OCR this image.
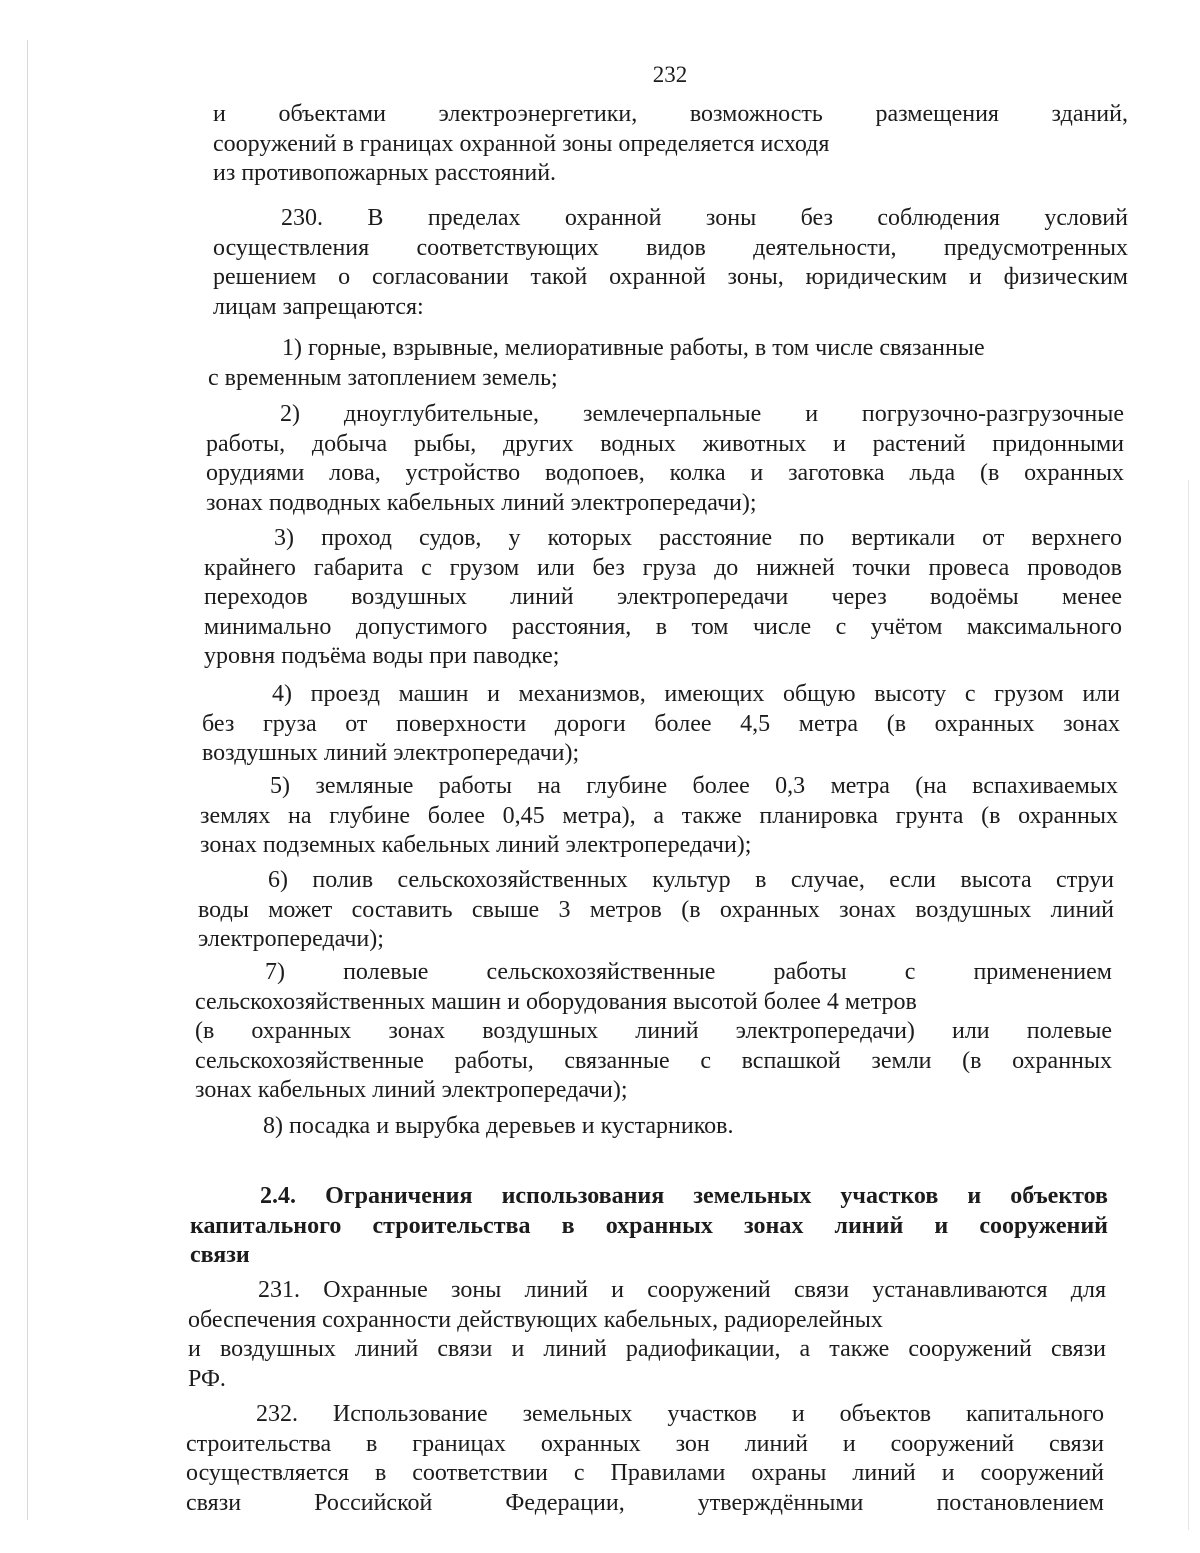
232
и объектами электроэнергетики, возможность размещения зданий,
сооружений в границах охранной зоны определяется исходя
из противопожарных расстояний.
230. В пределах охранной зоны без соблюдения условий
осуществления соответствующих видов деятельности, предусмотренных
решением о согласовании такой охранной зоны, юридическим и физическим
лицам запрещаются:
1) горные, взрывные, мелиоративные работы, в том числе связанные
с временным затоплением земель;
2) дноуглубительные, землечерпальные и погрузочно-разгрузочные
работы, добыча рыбы, других водных животных и растений придонными
орудиями лова, устройство водопоев, колка и заготовка льда (в охранных
зонах подводных кабельных линий электропередачи);
3) проход судов, у которых расстояние по вертикали от верхнего
крайнего габарита с грузом или без груза до нижней точки провеса проводов
переходов воздушных линий электропередачи через водоёмы менее
минимально допустимого расстояния, в том числе с учётом максимального
уровня подъёма воды при паводке;
4) проезд машин и механизмов, имеющих общую высоту с грузом или
без груза от поверхности дороги более 4,5 метра (в охранных зонах
воздушных линий электропередачи);
5) земляные работы на глубине более 0,3 метра (на вспахиваемых
землях на глубине более 0,45 метра), а также планировка грунта (в охранных
зонах подземных кабельных линий электропередачи);
6) полив сельскохозяйственных культур в случае, если высота струи
воды может составить свыше 3 метров (в охранных зонах воздушных линий
электропередачи);
7) полевые сельскохозяйственные работы с применением
сельскохозяйственных машин и оборудования высотой более 4 метров
(в охранных зонах воздушных линий электропередачи) или полевые
сельскохозяйственные работы, связанные с вспашкой земли (в охранных
зонах кабельных линий электропередачи);
8) посадка и вырубка деревьев и кустарников.
2.4. Ограничения использования земельных участков и объектов
капитального строительства в охранных зонах линий и сооружений
связи
231. Охранные зоны линий и сооружений связи устанавливаются для
обеспечения сохранности действующих кабельных, радиорелейных
и воздушных линий связи и линий радиофикации, а также сооружений связи
РФ.
232. Использование земельных участков и объектов капитального
строительства в границах охранных зон линий и сооружений связи
осуществляется в соответствии с Правилами охраны линий и сооружений
связи Российской Федерации, утверждёнными постановлением
